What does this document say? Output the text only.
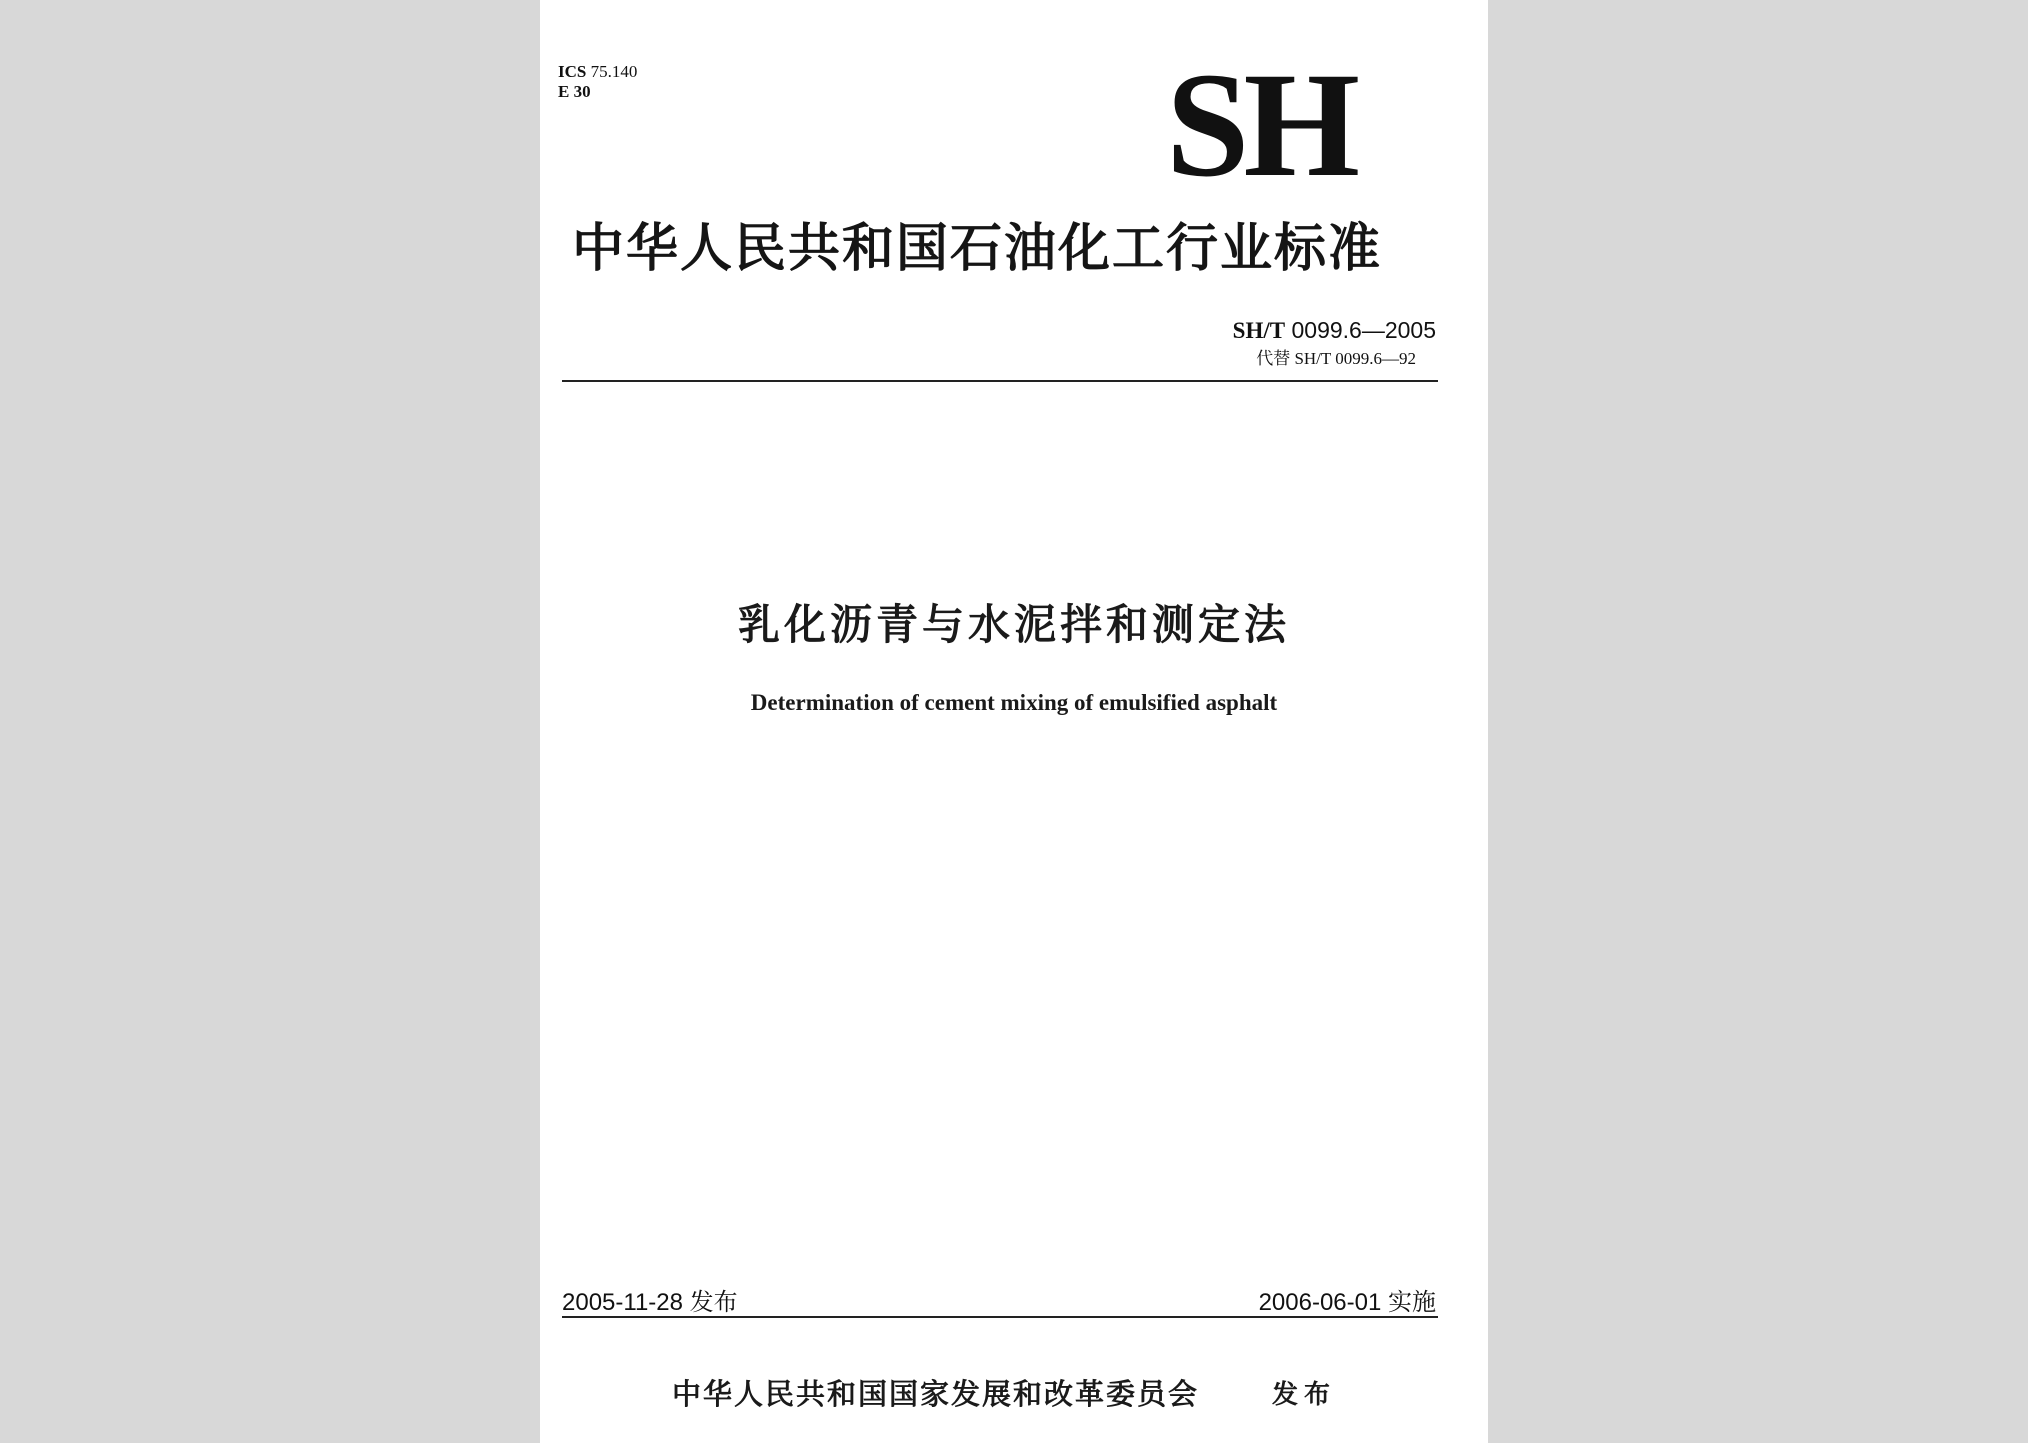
ICS 75.140
E 30	SH
中华人民共和国石油化工行业标准
SH/T 0099.6—2005
代替 SH/T 0099.6—92
乳化沥青与水泥拌和测定法
Determination of cement mixing of emulsified asphalt
2005-11-28 发布	2006-06-01 实施
中华人民共和国国家发展和改革委员会	发布
